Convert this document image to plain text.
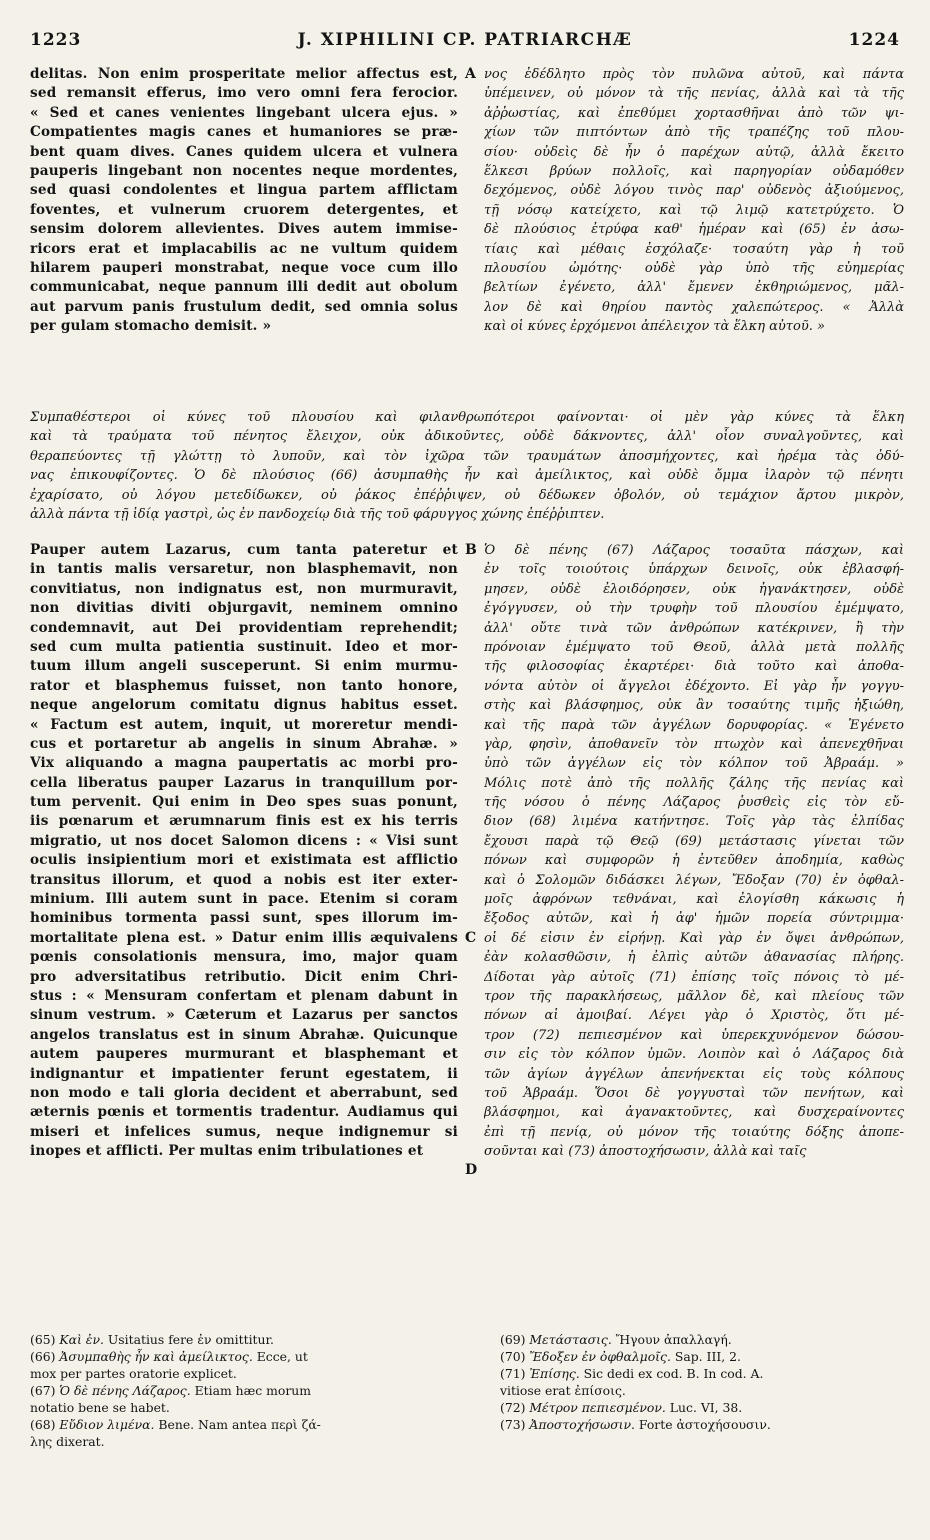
1223	J. XIPHILINI CP. PATRIARCHÆ	1224
delitas. Non enim prosperitate melior affectus est,
sed remansit efferus, imo vero omni fera ferocior.
« Sed et canes venientes lingebant ulcera ejus. »
Compatientes magis canes et humaniores se præ-
bent quam dives. Canes quidem ulcera et vulnera
pauperis lingebant non nocentes neque mordentes,
sed quasi condolentes et lingua partem afflictam
foventes, et vulnerum cruorem detergentes, et
sensim dolorem allevientes. Dives autem immise-
ricors erat et implacabilis ac ne vultum quidem
hilarem pauperi monstrabat, neque voce cum illo
communicabat, neque pannum illi dedit aut obolum
aut parvum panis frustulum dedit, sed omnia solus
per gulam stomacho demisit. »
νος ἐδέδλητο πρὸς τὸν πυλῶνα αὐτοῦ, καὶ πάντα
ὑπέμεινεν, οὐ μόνον τὰ τῆς πενίας, ἀλλὰ καὶ τὰ τῆς
ἀῤῥωστίας, καὶ ἐπεθύμει χορτασθῆναι ἀπὸ τῶν ψι-
χίων τῶν πιπτόντων ἀπὸ τῆς τραπέζης τοῦ πλου-
σίου· οὐδεὶς δὲ ἦν ὁ παρέχων αὐτῷ, ἀλλὰ ἔκειτο
ἕλκεσι βρύων πολλοῖς, καὶ παρηγορίαν οὐδαμόθεν
δεχόμενος, οὐδὲ λόγου τινὸς παρ' οὐδενὸς ἀξιούμενος,
τῇ νόσῳ κατείχετο, καὶ τῷ λιμῷ κατετρύχετο. Ὁ
δὲ πλούσιος ἐτρύφα καθ' ἡμέραν καὶ (65) ἐν ἀσω-
τίαις καὶ μέθαις ἐσχόλαζε· τοσαύτη γὰρ ἡ τοῦ
πλουσίου ὠμότης· οὐδὲ γὰρ ὑπὸ τῆς εὐημερίας
βελτίων ἐγένετο, ἀλλ' ἔμενεν ἐκθηριώμενος, μᾶλ-
λον δὲ καὶ θηρίου παντὸς χαλεπώτερος. « Ἀλλὰ
καὶ οἱ κύνες ἐρχόμενοι ἀπέλειχον τὰ ἕλκη αὐτοῦ. »
Συμπαθέστεροι οἱ κύνες τοῦ πλουσίου καὶ φιλανθρωπότεροι φαίνονται· οἱ μὲν γὰρ κύνες τὰ ἕλκη
καὶ τὰ τραύματα τοῦ πένητος ἔλειχον, οὐκ ἀδικοῦντες, οὐδὲ δάκνοντες, ἀλλ' οἷον συναλγοῦντες, καὶ
θεραπεύοντες τῇ γλώττῃ τὸ λυποῦν, καὶ τὸν ἰχῶρα τῶν τραυμάτων ἀποσμήχοντες, καὶ ἠρέμα τὰς ὀδύ-
νας ἐπικουφίζοντες. Ὁ δὲ πλούσιος (66) ἀσυμπαθὴς ἦν καὶ ἀμείλικτος, καὶ οὐδὲ ὄμμα ἱλαρὸν τῷ πένητι
ἐχαρίσατο, οὐ λόγου μετεδίδωκεν, οὐ ῥάκος ἐπέῤῥιψεν, οὐ δέδωκεν ὀβολόν, οὐ τεμάχιον ἄρτου μικρὸν,
ἀλλὰ πάντα τῇ ἰδίᾳ γαστρὶ, ὡς ἐν πανδοχείῳ διὰ τῆς τοῦ φάρυγγος χώνης ἐπέῤῥιπτεν.
Pauper autem Lazarus, cum tanta pateretur et
in tantis malis versaretur, non blasphemavit, non
convitiatus, non indignatus est, non murmuravit,
non divitias diviti objurgavit, neminem omnino
condemnavit, aut Dei providentiam reprehendit;
sed cum multa patientia sustinuit. Ideo et mor-
tuum illum angeli susceperunt. Si enim murmu-
rator et blasphemus fuisset, non tanto honore,
neque angelorum comitatu dignus habitus esset.
« Factum est autem, inquit, ut moreretur mendi-
cus et portaretur ab angelis in sinum Abrahæ. »
Vix aliquando a magna paupertatis ac morbi pro-
cella liberatus pauper Lazarus in tranquillum por-
tum pervenit. Qui enim in Deo spes suas ponunt,
iis pœnarum et ærumnarum finis est ex his terris
migratio, ut nos docet Salomon dicens : « Visi sunt
oculis insipientium mori et existimata est afflictio
transitus illorum, et quod a nobis est iter exter-
minium. Illi autem sunt in pace. Etenim si coram
hominibus tormenta passi sunt, spes illorum im-
mortalitate plena est. » Datur enim illis æquivalens
pœnis consolationis mensura, imo, major quam
pro adversitatibus retributio. Dicit enim Chri-
stus : « Mensuram confertam et plenam dabunt in
sinum vestrum. » Cæterum et Lazarus per sanctos
angelos translatus est in sinum Abrahæ. Quicunque
autem pauperes murmurant et blasphemant et
indignantur et impatienter ferunt egestatem, ii
non modo e tali gloria decident et aberrabunt, sed
æternis pœnis et tormentis tradentur. Audiamus qui
miseri et infelices sumus, neque indignemur si
inopes et afflicti. Per multas enim tribulationes et
Ὁ δὲ πένης (67) Λάζαρος τοσαῦτα πάσχων, καὶ
ἐν τοῖς τοιούτοις ὑπάρχων δεινοῖς, οὐκ ἐβλασφή-
μησεν, οὐδὲ ἐλοιδόρησεν, οὐκ ἠγανάκτησεν, οὐδὲ
ἐγόγγυσεν, οὐ τὴν τρυφὴν τοῦ πλουσίου ἐμέμψατο,
ἀλλ' οὔτε τινὰ τῶν ἀνθρώπων κατέκρινεν, ἢ τὴν
πρόνοιαν ἐμέμψατο τοῦ Θεοῦ, ἀλλὰ μετὰ πολλῆς
τῆς φιλοσοφίας ἐκαρτέρει· διὰ τοῦτο καὶ ἀποθα-
νόντα αὐτὸν οἱ ἄγγελοι ἐδέχοντο. Εἰ γὰρ ἦν γογγυ-
στὴς καὶ βλάσφημος, οὐκ ἂν τοσαύτης τιμῆς ἠξιώθη,
καὶ τῆς παρὰ τῶν ἀγγέλων δορυφορίας. « Ἐγένετο
γὰρ, φησὶν, ἀποθανεῖν τὸν πτωχὸν καὶ ἀπενεχθῆναι
ὑπὸ τῶν ἀγγέλων εἰς τὸν κόλπον τοῦ Ἀβραάμ. »
Μόλις ποτὲ ἀπὸ τῆς πολλῆς ζάλης τῆς πενίας καὶ
τῆς νόσου ὁ πένης Λάζαρος ῥυσθεὶς εἰς τὸν εὔ-
διον (68) λιμένα κατήντησε. Τοῖς γὰρ τὰς ἐλπίδας
ἔχουσι παρὰ τῷ Θεῷ (69) μετάστασις γίνεται τῶν
πόνων καὶ συμφορῶν ἡ ἐντεῦθεν ἀποδημία, καθὼς
καὶ ὁ Σολομῶν διδάσκει λέγων, Ἔδοξαν (70) ἐν ὀφθαλ-
μοῖς ἀφρόνων τεθνάναι, καὶ ἐλογίσθη κάκωσις ἡ
ἔξοδος αὐτῶν, καὶ ἡ ἀφ' ἡμῶν πορεία σύντριμμα·
οἱ δέ εἰσιν ἐν εἰρήνῃ. Καὶ γὰρ ἐν ὄψει ἀνθρώπων,
ἐὰν κολασθῶσιν, ἡ ἐλπὶς αὐτῶν ἀθανασίας πλήρης.
Δίδοται γὰρ αὐτοῖς (71) ἐπίσης τοῖς πόνοις τὸ μέ-
τρον τῆς παρακλήσεως, μᾶλλον δὲ, καὶ πλείους τῶν
πόνων αἱ ἀμοιβαί. Λέγει γὰρ ὁ Χριστὸς, ὅτι μέ-
τρον (72) πεπιεσμένον καὶ ὑπερεκχυνόμενον δώσου-
σιν εἰς τὸν κόλπον ὑμῶν. Λοιπὸν καὶ ὁ Λάζαρος διὰ
τῶν ἁγίων ἀγγέλων ἀπενήνεκται εἰς τοὺς κόλπους
τοῦ Ἀβραάμ. Ὅσοι δὲ γογγυσταὶ τῶν πενήτων, καὶ
βλάσφημοι, καὶ ἀγανακτοῦντες, καὶ δυσχεραίνοντες
ἐπὶ τῇ πενίᾳ, οὐ μόνον τῆς τοιαύτης δόξης ἀποπε-
σοῦνται καὶ (73) ἀποστοχήσωσιν, ἀλλὰ καὶ ταῖς
A
B
C
D
(65) Καὶ ἐν. Usitatius fere ἐν omittitur.
(66) Ἀσυμπαθὴς ἦν καὶ ἀμείλικτος. Ecce, ut
mox per partes oratorie explicet.
(67) Ὁ δὲ πένης Λάζαρος. Etiam hæc morum
notatio bene se habet.
(68) Εὔδιον λιμένα. Bene. Nam antea περὶ ζά-
λης dixerat.
(69) Μετάστασις. Ἤγουν ἀπαλλαγή.
(70) Ἔδοξεν ἐν ὀφθαλμοῖς. Sap. III, 2.
(71) Ἐπίσης. Sic dedi ex cod. B. In cod. A.
vitiose erat ἐπίσοις.
(72) Μέτρον πεπιεσμένον. Luc. VI, 38.
(73) Ἀποστοχήσωσιν. Forte ἀστοχήσουσιν.
